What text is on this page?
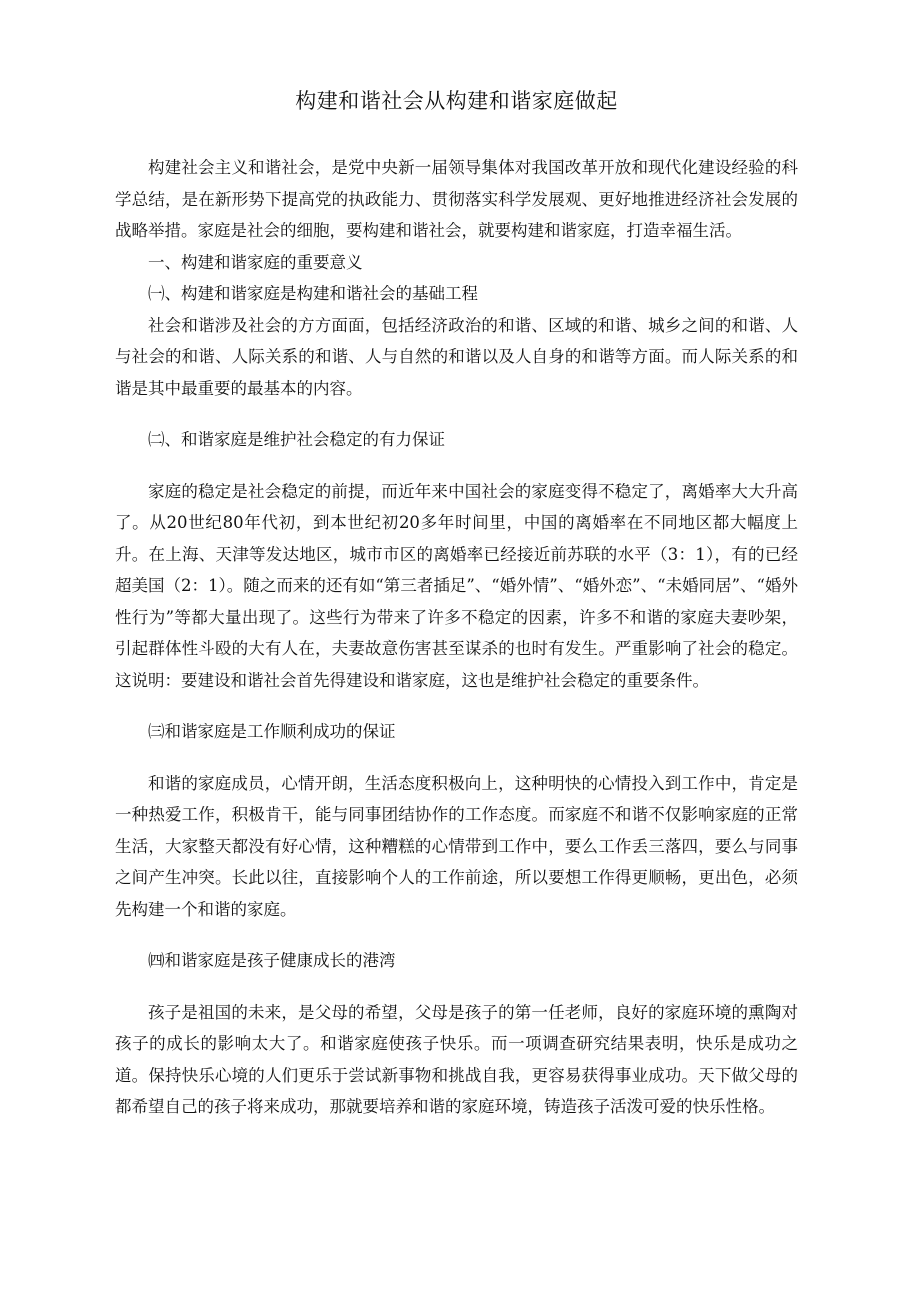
构建和谐社会从构建和谐家庭做起

构建社会主义和谐社会，是党中央新一届领导集体对我国改革开放和现代化建设经验的科学总结，是在新形势下提高党的执政能力、贯彻落实科学发展观、更好地推进经济社会发展的战略举措。家庭是社会的细胞，要构建和谐社会，就要构建和谐家庭，打造幸福生活。

一、构建和谐家庭的重要意义

㈠、构建和谐家庭是构建和谐社会的基础工程

社会和谐涉及社会的方方面面，包括经济政治的和谐、区域的和谐、城乡之间的和谐、人与社会的和谐、人际关系的和谐、人与自然的和谐以及人自身的和谐等方面。而人际关系的和谐是其中最重要的最基本的内容。

㈡、和谐家庭是维护社会稳定的有力保证

家庭的稳定是社会稳定的前提，而近年来中国社会的家庭变得不稳定了，离婚率大大升高了。从20世纪80年代初，到本世纪初20多年时间里，中国的离婚率在不同地区都大幅度上升。在上海、天津等发达地区，城市市区的离婚率已经接近前苏联的水平（3：1），有的已经超美国（2：1）。随之而来的还有如“第三者插足”、“婚外情”、“婚外恋”、“未婚同居”、“婚外性行为”等都大量出现了。这些行为带来了许多不稳定的因素，许多不和谐的家庭夫妻吵架，引起群体性斗殴的大有人在，夫妻故意伤害甚至谋杀的也时有发生。严重影响了社会的稳定。这说明：要建设和谐社会首先得建设和谐家庭，这也是维护社会稳定的重要条件。

㈢和谐家庭是工作顺利成功的保证

和谐的家庭成员，心情开朗，生活态度积极向上，这种明快的心情投入到工作中，肯定是一种热爱工作，积极肯干，能与同事团结协作的工作态度。而家庭不和谐不仅影响家庭的正常生活，大家整天都没有好心情，这种糟糕的心情带到工作中，要么工作丢三落四，要么与同事之间产生冲突。长此以往，直接影响个人的工作前途，所以要想工作得更顺畅，更出色，必须先构建一个和谐的家庭。

㈣和谐家庭是孩子健康成长的港湾

孩子是祖国的未来，是父母的希望，父母是孩子的第一任老师，良好的家庭环境的熏陶对孩子的成长的影响太大了。和谐家庭使孩子快乐。而一项调查研究结果表明，快乐是成功之道。保持快乐心境的人们更乐于尝试新事物和挑战自我，更容易获得事业成功。天下做父母的都希望自己的孩子将来成功，那就要培养和谐的家庭环境，铸造孩子活泼可爱的快乐性格。
